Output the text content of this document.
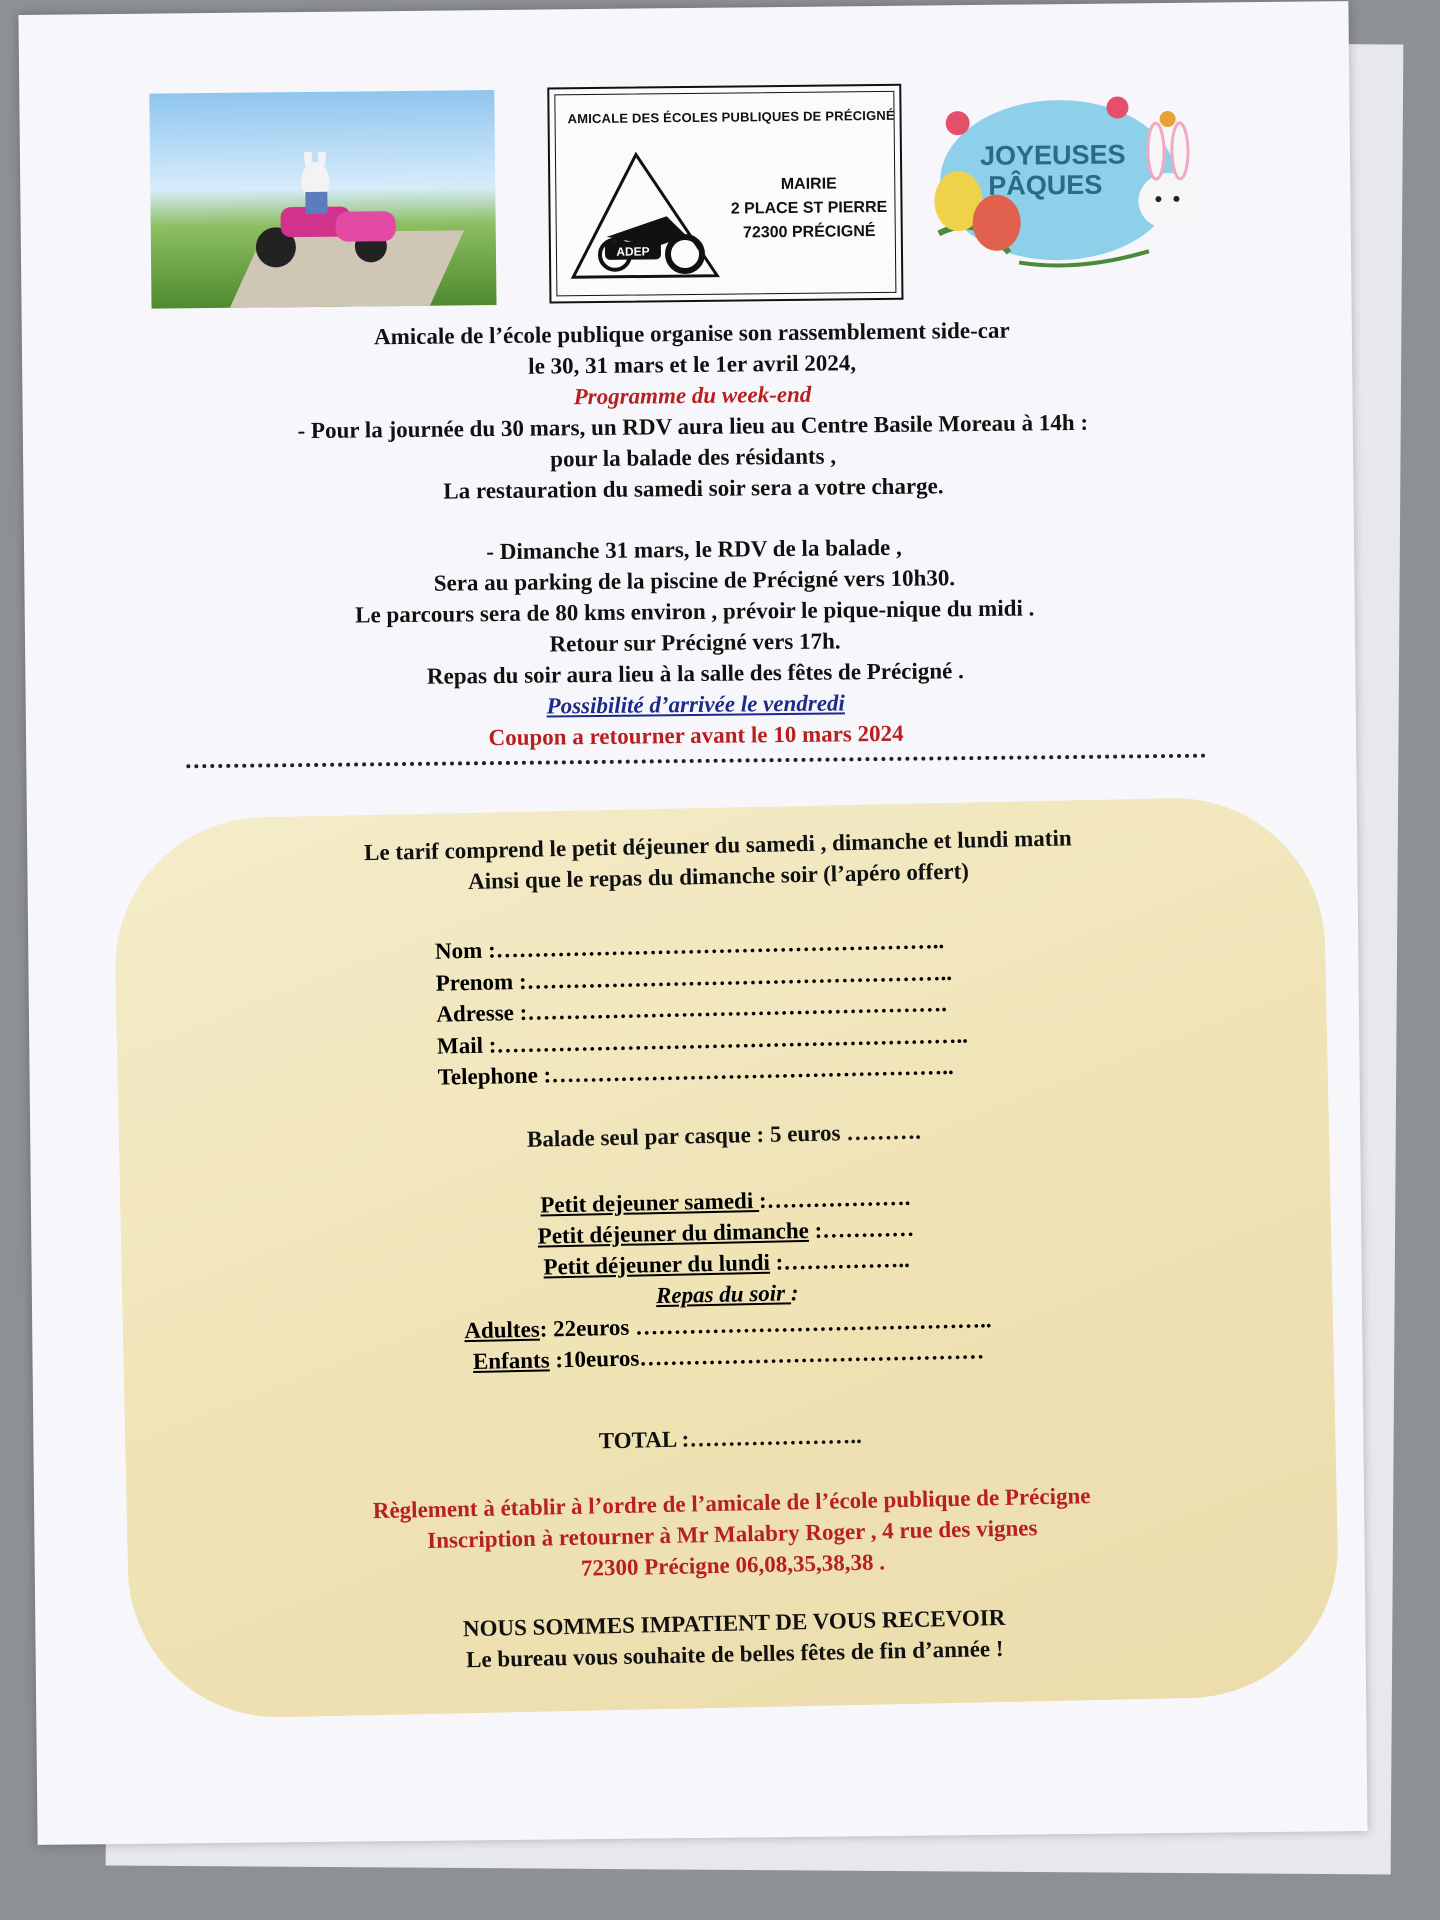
AMICALE DES ÉCOLES PUBLIQUES DE PRÉCIGNÉ
ADEP
MAIRIE
2 PLACE ST PIERRE
72300 PRÉCIGNÉ
JOYEUSES
PÂQUES
Amicale de l’école publique organise son rassemblement side-car
le 30, 31 mars et le 1er avril 2024,
Programme du week-end
- Pour la journée du 30 mars, un RDV aura lieu au Centre Basile Moreau à 14h :
pour la balade des résidants ,
La restauration du samedi soir sera a votre charge.
- Dimanche 31 mars, le RDV de la balade ,
Sera au parking de la piscine de Précigné vers 10h30.
Le parcours sera de 80 kms environ , prévoir le pique-nique du midi .
Retour sur Précigné vers 17h.
Repas du soir aura lieu à la salle des fêtes de Précigné .
Possibilité d’arrivée le vendredi
Coupon a retourner avant le 10 mars 2024
Le tarif comprend le petit déjeuner du samedi , dimanche et lundi matin
Ainsi que le repas du dimanche soir (l’apéro offert)
Nom :…………………………………………………..
Prenom :………………………………………………..
Adresse :……………………………………………….
Mail :……………………………………………………..
Telephone :……………………………………………..
Balade seul par casque : 5 euros ……….
Petit dejeuner samedi :……………….
Petit déjeuner du dimanche :…………
Petit déjeuner du lundi :……………..
Repas du soir :
Adultes: 22euros ………………………………………..
Enfants :10euros………………………………………
TOTAL :…………………..
Règlement à établir à l’ordre de l’amicale de l’école publique de Précigne
Inscription à retourner à Mr Malabry Roger , 4 rue des vignes
72300 Précigne 06,08,35,38,38 .
NOUS SOMMES IMPATIENT DE VOUS RECEVOIR
Le bureau vous souhaite de belles fêtes de fin d’année !
